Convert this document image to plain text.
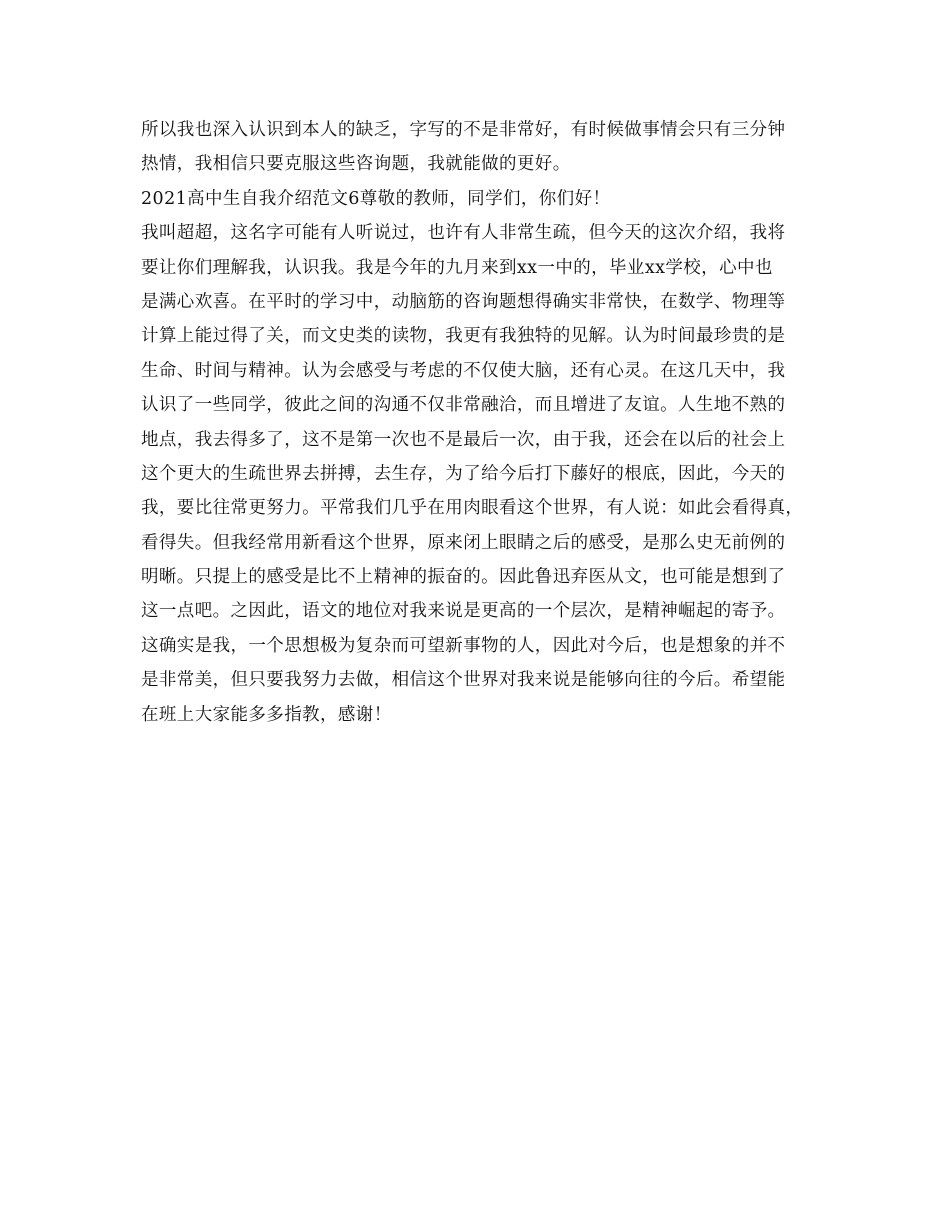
所以我也深入认识到本人的缺乏，字写的不是非常好，有时候做事情会只有三分钟
热情，我相信只要克服这些咨询题，我就能做的更好。
2021高中生自我介绍范文6尊敬的教师，同学们，你们好！
我叫超超，这名字可能有人听说过，也许有人非常生疏，但今天的这次介绍，我将
要让你们理解我，认识我。我是今年的九月来到xx一中的，毕业xx学校，心中也
是满心欢喜。在平时的学习中，动脑筋的咨询题想得确实非常快，在数学、物理等
计算上能过得了关，而文史类的读物，我更有我独特的见解。认为时间最珍贵的是
生命、时间与精神。认为会感受与考虑的不仅使大脑，还有心灵。在这几天中，我
认识了一些同学，彼此之间的沟通不仅非常融洽，而且增进了友谊。人生地不熟的
地点，我去得多了，这不是第一次也不是最后一次，由于我，还会在以后的社会上
这个更大的生疏世界去拼搏，去生存，为了给今后打下藤好的根底，因此，今天的
我，要比往常更努力。平常我们几乎在用肉眼看这个世界，有人说：如此会看得真，
看得失。但我经常用新看这个世界，原来闭上眼睛之后的感受，是那么史无前例的
明晰。只提上的感受是比不上精神的振奋的。因此鲁迅弃医从文，也可能是想到了
这一点吧。之因此，语文的地位对我来说是更高的一个层次，是精神崛起的寄予。
这确实是我，一个思想极为复杂而可望新事物的人，因此对今后，也是想象的并不
是非常美，但只要我努力去做，相信这个世界对我来说是能够向往的今后。希望能
在班上大家能多多指教，感谢！
